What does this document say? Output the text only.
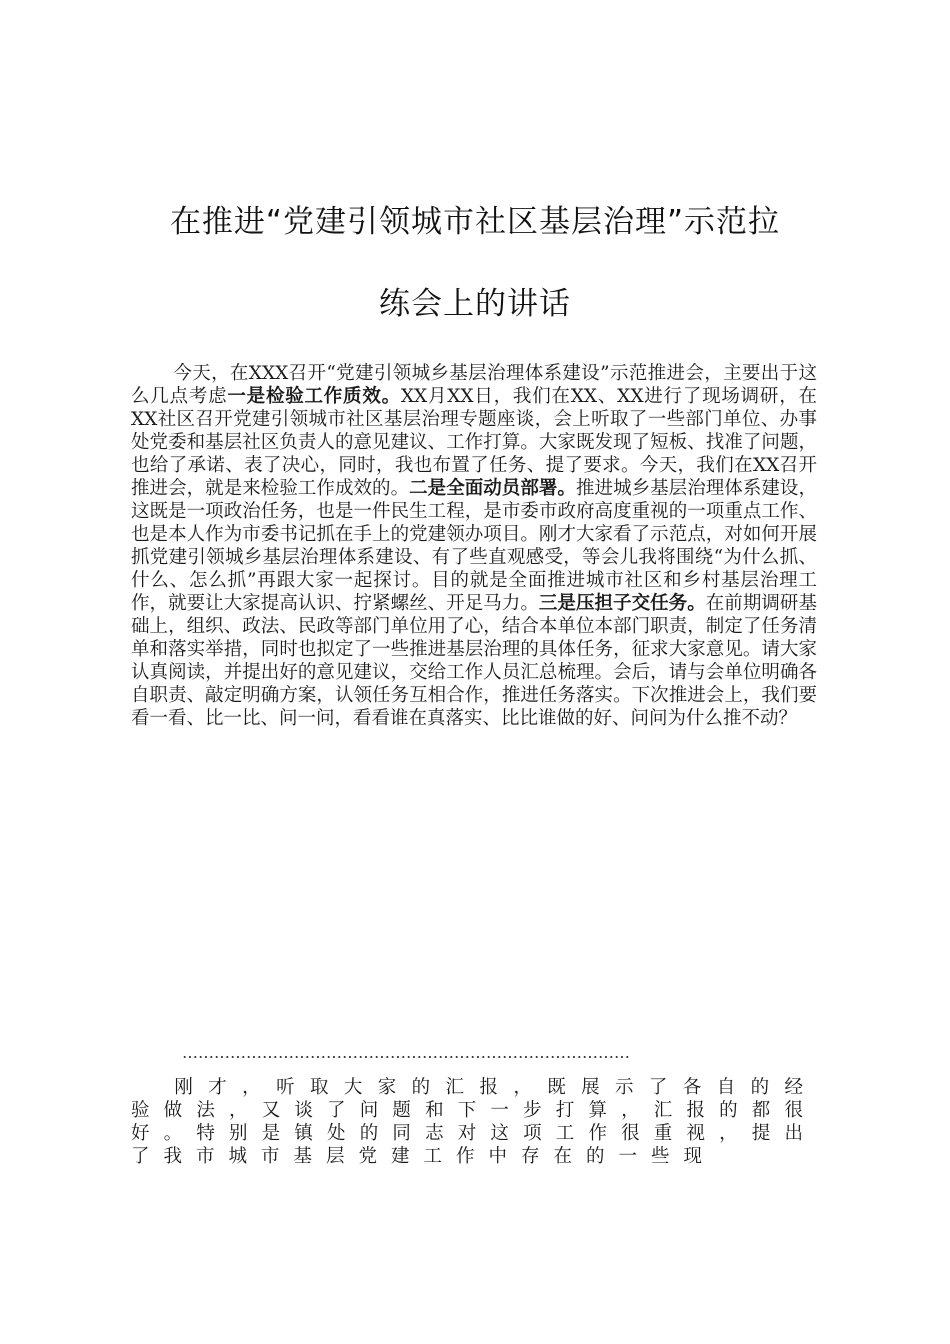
在推进“党建引领城市社区基层治理”示范拉
练会上的讲话
今天，在XXX召开“党建引领城乡基层治理体系建设”示范推进会，主要出于这么几点考虑一是检验工作质效。XX月XX日，我们在XX、XX进行了现场调研，在XX社区召开党建引领城市社区基层治理专题座谈，会上听取了一些部门单位、办事处党委和基层社区负责人的意见建议、工作打算。大家既发现了短板、找准了问题，也给了承诺、表了决心，同时，我也布置了任务、提了要求。今天，我们在XX召开推进会，就是来检验工作成效的。二是全面动员部署。推进城乡基层治理体系建设，这既是一项政治任务，也是一件民生工程，是市委市政府高度重视的一项重点工作、也是本人作为市委书记抓在手上的党建领办项目。刚才大家看了示范点，对如何开展抓党建引领城乡基层治理体系建设、有了些直观感受，等会儿我将围绕“为什么抓、什么、怎么抓”再跟大家一起探讨。目的就是全面推进城市社区和乡村基层治理工作，就要让大家提高认识、拧紧螺丝、开足马力。三是压担子交任务。在前期调研基础上，组织、政法、民政等部门单位用了心，结合本单位本部门职责，制定了任务清单和落实举措，同时也拟定了一些推进基层治理的具体任务，征求大家意见。请大家认真阅读，并提出好的意见建议，交给工作人员汇总梳理。会后，请与会单位明确各自职责、敲定明确方案，认领任务互相合作，推进任务落实。下次推进会上，我们要看一看、比一比、问一问，看看谁在真落实、比比谁做的好、问问为什么推不动？
…………………………………………………………………………
刚才，听取大家的汇报，既展示了各自的经验做法，又谈了问题和下一步打算，汇报的都很好。特别是镇处的同志对这项工作很重视，提出了我市城市基层党建工作中存在的一些现
